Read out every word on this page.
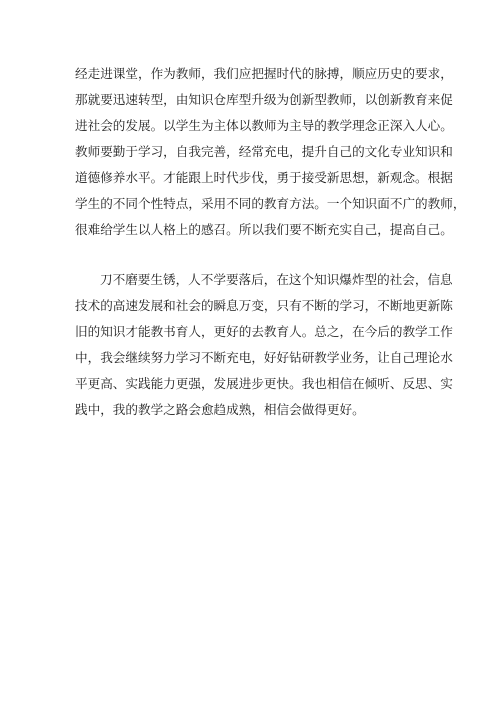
经走进课堂，作为教师，我们应把握时代的脉搏，顺应历史的要求，
那就要迅速转型，由知识仓库型升级为创新型教师，以创新教育来促
进社会的发展。以学生为主体以教师为主导的教学理念正深入人心。
教师要勤于学习，自我完善，经常充电，提升自己的文化专业知识和
道德修养水平。才能跟上时代步伐，勇于接受新思想，新观念。根据
学生的不同个性特点，采用不同的教育方法。一个知识面不广的教师，
很难给学生以人格上的感召。所以我们要不断充实自己，提高自己。
刀不磨要生锈，人不学要落后，在这个知识爆炸型的社会，信息
技术的高速发展和社会的瞬息万变，只有不断的学习，不断地更新陈
旧的知识才能教书育人，更好的去教育人。总之，在今后的教学工作
中，我会继续努力学习不断充电，好好钻研教学业务，让自己理论水
平更高、实践能力更强，发展进步更快。我也相信在倾听、反思、实
践中，我的教学之路会愈趋成熟，相信会做得更好。
